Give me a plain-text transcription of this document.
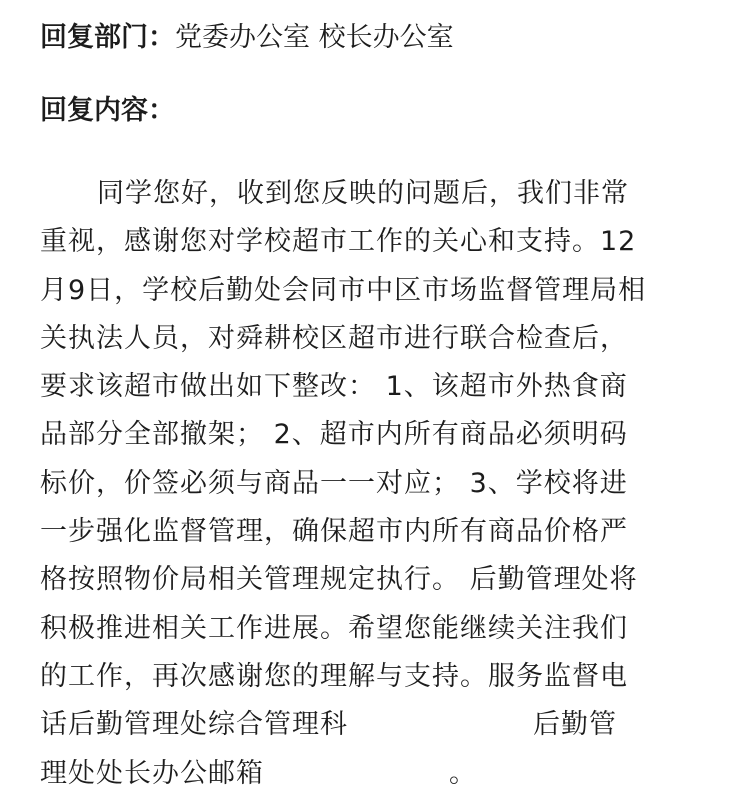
回复部门：党委办公室 校长办公室
回复内容：
同学您好，收到您反映的问题后，我们非常
重视，感谢您对学校超市工作的关心和支持。12
月9日，学校后勤处会同市中区市场监督管理局相
关执法人员，对舜耕校区超市进行联合检查后，
要求该超市做出如下整改： 1、该超市外热食商
品部分全部撤架； 2、超市内所有商品必须明码
标价，价签必须与商品一一对应； 3、学校将进
一步强化监督管理，确保超市内所有商品价格严
格按照物价局相关管理规定执行。 后勤管理处将
积极推进相关工作进展。希望您能继续关注我们
的工作，再次感谢您的理解与支持。服务监督电
话后勤管理处综合管理科	后勤管
理处处长办公邮箱	。
